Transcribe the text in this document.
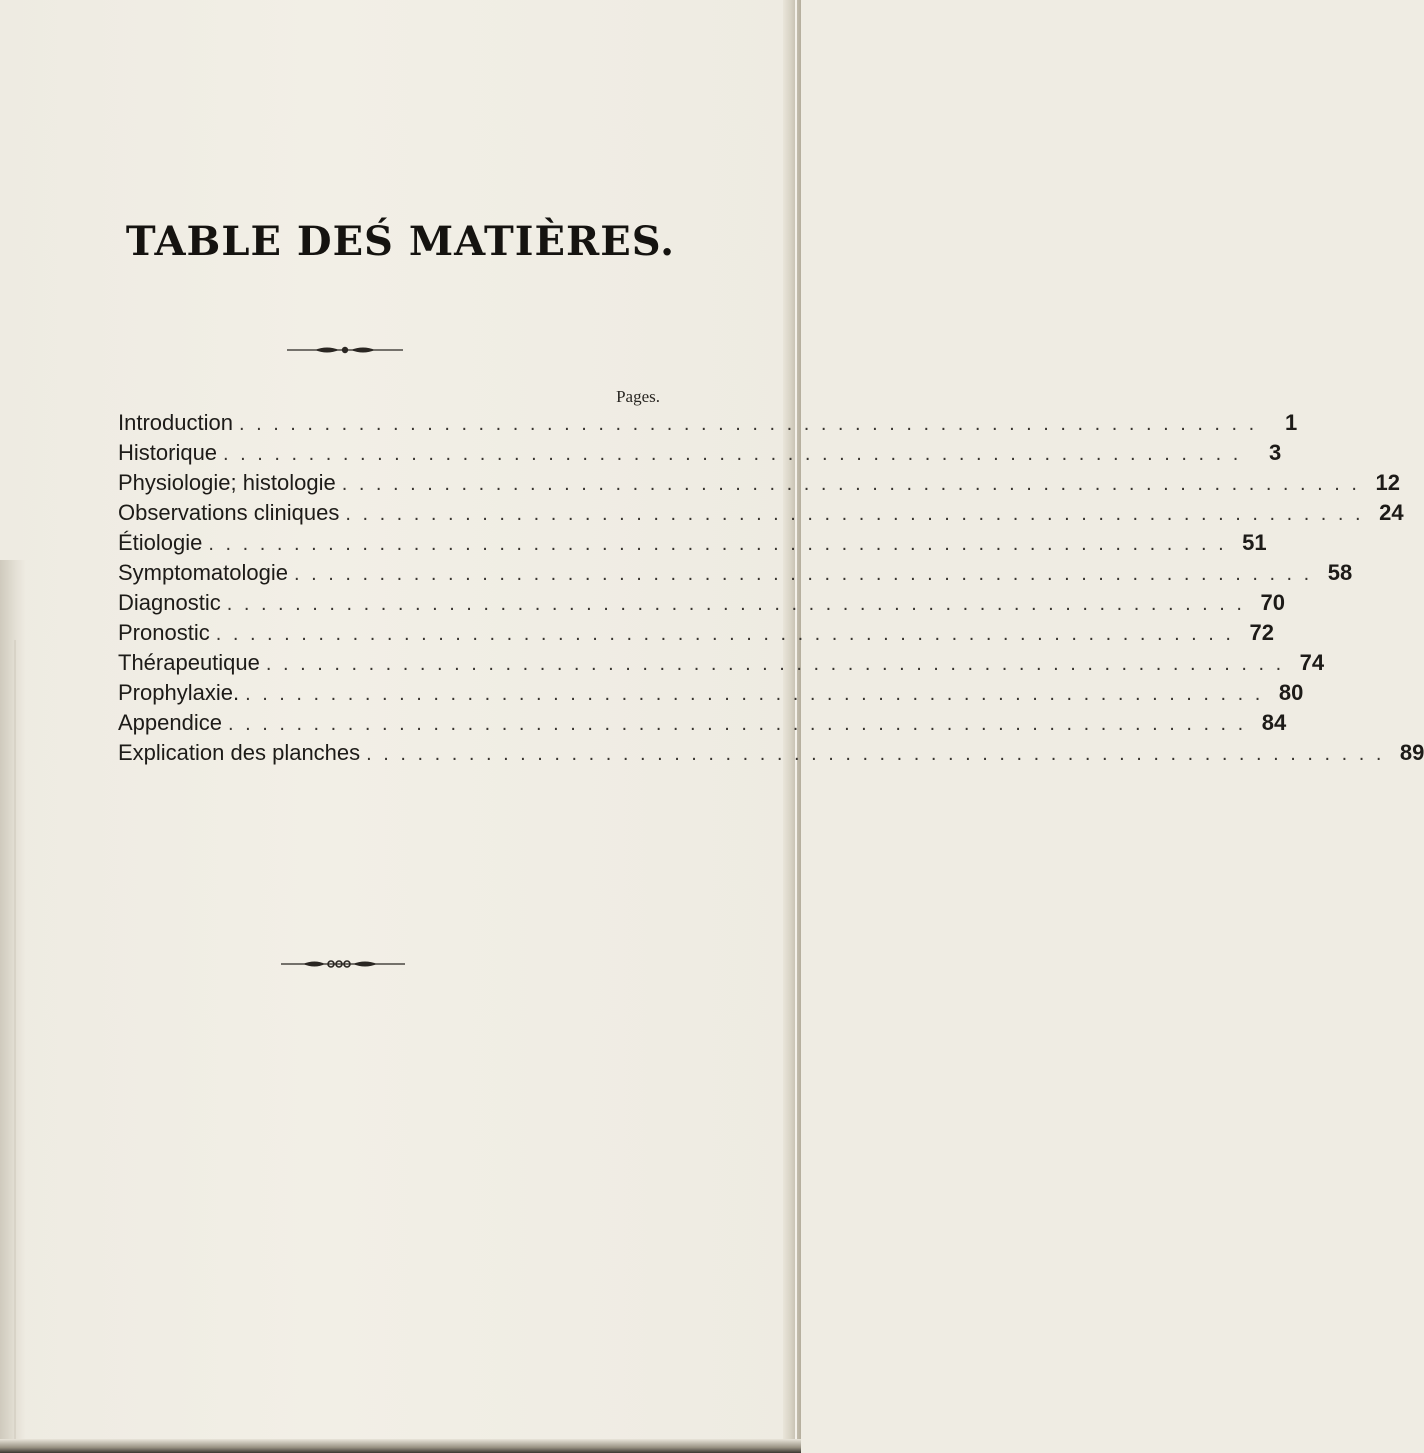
TABLE DEŚ MATIÈRES.
Pages.
Introduction . . . . . . . . . . . . . . . . . . . . . . . . . . . . . . . . . . . . . . . . . . . . . . . . . . . . . . . . . . . .	1
Historique . . . . . . . . . . . . . . . . . . . . . . . . . . . . . . . . . . . . . . . . . . . . . . . . . . . . . . . . . . . .	3
Physiologie; histologie . . . . . . . . . . . . . . . . . . . . . . . . . . . . . . . . . . . . . . . . . . . . . . . . . . . . . . . . . . . . 12
Observations cliniques . . . . . . . . . . . . . . . . . . . . . . . . . . . . . . . . . . . . . . . . . . . . . . . . . . . . . . . . . . . . 24
Étiologie . . . . . . . . . . . . . . . . . . . . . . . . . . . . . . . . . . . . . . . . . . . . . . . . . . . . . . . . . . . . 51
Symptomatologie . . . . . . . . . . . . . . . . . . . . . . . . . . . . . . . . . . . . . . . . . . . . . . . . . . . . . . . . . . . . 58
Diagnostic . . . . . . . . . . . . . . . . . . . . . . . . . . . . . . . . . . . . . . . . . . . . . . . . . . . . . . . . . . . . 70
Pronostic . . . . . . . . . . . . . . . . . . . . . . . . . . . . . . . . . . . . . . . . . . . . . . . . . . . . . . . . . . . . 72
Thérapeutique . . . . . . . . . . . . . . . . . . . . . . . . . . . . . . . . . . . . . . . . . . . . . . . . . . . . . . . . . . . . 74
Prophylaxie. . . . . . . . . . . . . . . . . . . . . . . . . . . . . . . . . . . . . . . . . . . . . . . . . . . . . . . . . . . . . 80
Appendice . . . . . . . . . . . . . . . . . . . . . . . . . . . . . . . . . . . . . . . . . . . . . . . . . . . . . . . . . . . . 84
Explication des planches . . . . . . . . . . . . . . . . . . . . . . . . . . . . . . . . . . . . . . . . . . . . . . . . . . . . . . . . . . . . 89
